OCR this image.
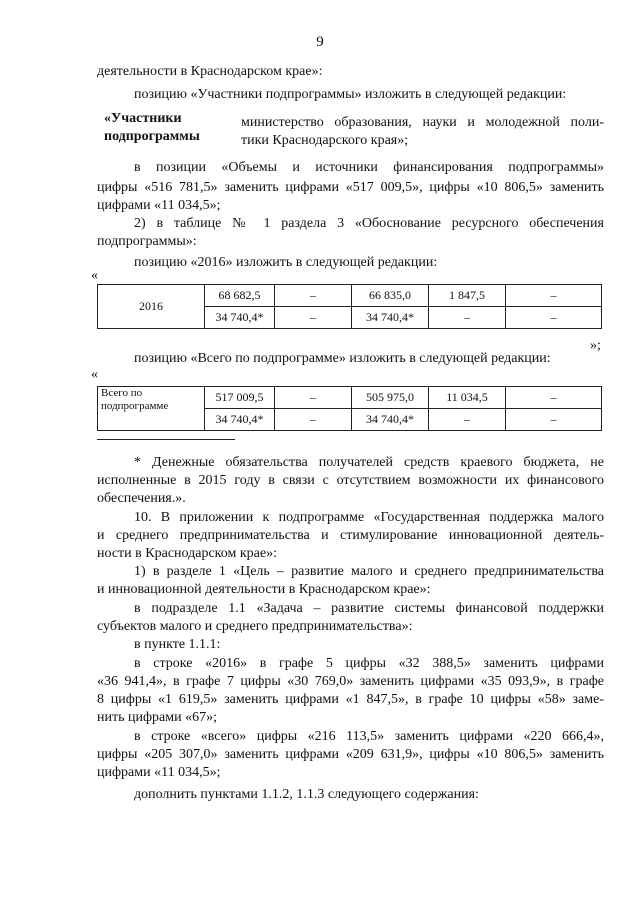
9
деятельности в Краснодарском крае»:
позицию «Участники подпрограммы» изложить в следующей редакции:
«Участники
подпрограммы
министерство образования, науки и молодежной поли-
тики Краснодарского края»;
в позиции «Объемы и источники финансирования подпрограммы»
цифры «516 781,5» заменить цифрами «517 009,5», цифры «10 806,5» заменить
цифрами «11 034,5»;
2) в таблице № 1 раздела 3 «Обоснование ресурсного обеспечения
подпрограммы»:
позицию «2016» изложить в следующей редакции:
«
2016	68 682,5	–	66 835,0	1 847,5	–
	34 740,4*	–	34 740,4*	–	–
»;
позицию «Всего по подпрограмме» изложить в следующей редакции:
«
Всего по подпрограмме	517 009,5	–	505 975,0	11 034,5	–
	34 740,4*	–	34 740,4*	–	–
* Денежные обязательства получателей средств краевого бюджета, не
исполненные в 2015 году в связи с отсутствием возможности их финансового
обеспечения.».
10. В приложении к подпрограмме «Государственная поддержка малого
и среднего предпринимательства и стимулирование инновационной деятель-
ности в Краснодарском крае»:
1) в разделе 1 «Цель – развитие малого и среднего предпринимательства
и инновационной деятельности в Краснодарском крае»:
в подразделе 1.1 «Задача – развитие системы финансовой поддержки
субъектов малого и среднего предпринимательства»:
в пункте 1.1.1:
в строке «2016» в графе 5 цифры «32 388,5» заменить цифрами
«36 941,4», в графе 7 цифры «30 769,0» заменить цифрами «35 093,9», в графе
8 цифры «1 619,5» заменить цифрами «1 847,5», в графе 10 цифры «58» заме-
нить цифрами «67»;
в строке «всего» цифры «216 113,5» заменить цифрами «220 666,4»,
цифры «205 307,0» заменить цифрами «209 631,9», цифры «10 806,5» заменить
цифрами «11 034,5»;
дополнить пунктами 1.1.2, 1.1.3 следующего содержания:
